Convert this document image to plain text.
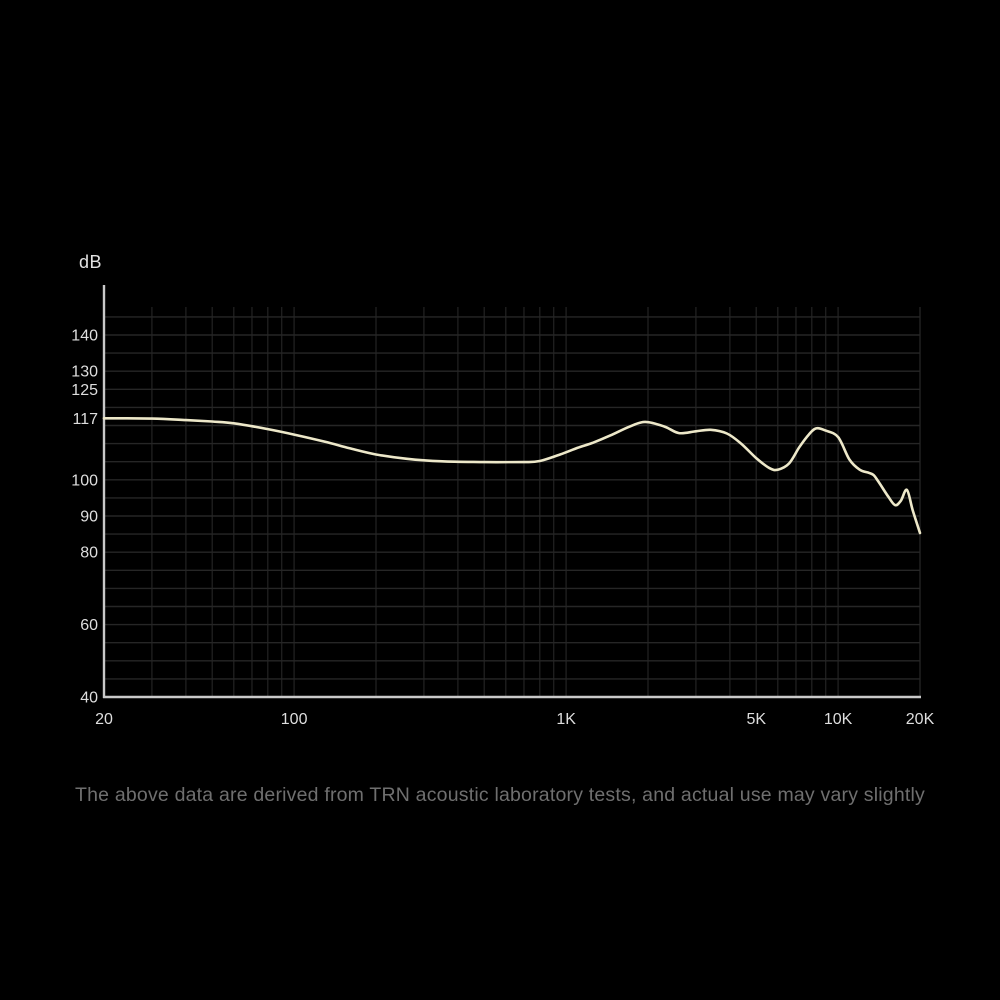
dB
140
130
125
117
100
90
80
60
40
20	100	1K	5K	10K	20K
The above data are derived from TRN acoustic laboratory tests, and actual use may vary slightly
